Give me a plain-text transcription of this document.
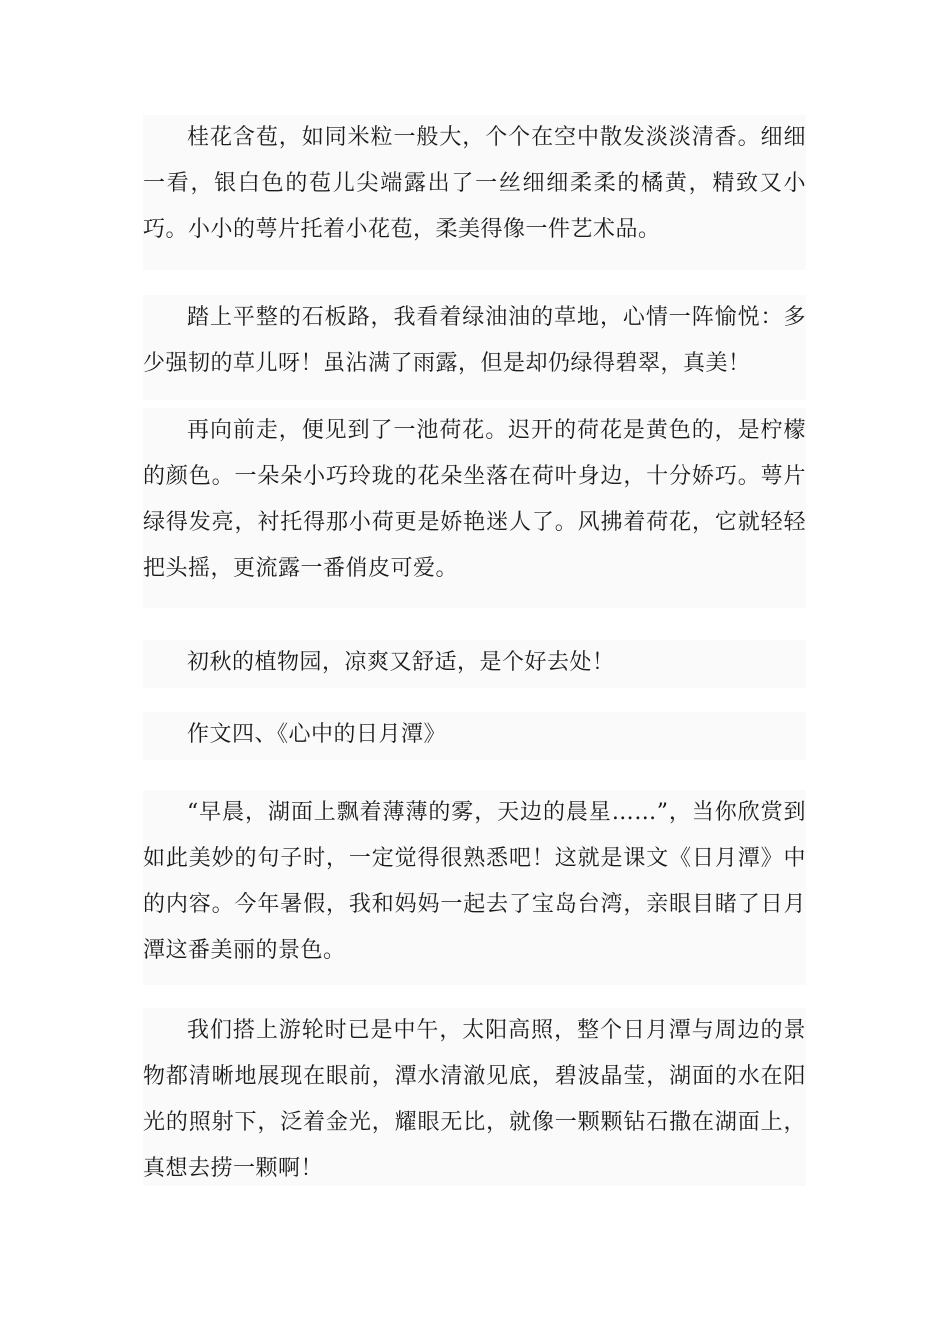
桂花含苞，如同米粒一般大，个个在空中散发淡淡清香。细细一看，银白色的苞儿尖端露出了一丝细细柔柔的橘黄，精致又小巧。小小的萼片托着小花苞，柔美得像一件艺术品。

踏上平整的石板路，我看着绿油油的草地，心情一阵愉悦：多少强韧的草儿呀！虽沾满了雨露，但是却仍绿得碧翠，真美！

再向前走，便见到了一池荷花。迟开的荷花是黄色的，是柠檬的颜色。一朵朵小巧玲珑的花朵坐落在荷叶身边，十分娇巧。萼片绿得发亮，衬托得那小荷更是娇艳迷人了。风拂着荷花，它就轻轻把头摇，更流露一番俏皮可爱。

初秋的植物园，凉爽又舒适，是个好去处！

作文四、《心中的日月潭》

“早晨，湖面上飘着薄薄的雾，天边的晨星……”，当你欣赏到如此美妙的句子时，一定觉得很熟悉吧！这就是课文《日月潭》中的内容。今年暑假，我和妈妈一起去了宝岛台湾，亲眼目睹了日月潭这番美丽的景色。

我们搭上游轮时已是中午，太阳高照，整个日月潭与周边的景物都清晰地展现在眼前，潭水清澈见底，碧波晶莹，湖面的水在阳光的照射下，泛着金光，耀眼无比，就像一颗颗钻石撒在湖面上，真想去捞一颗啊！
